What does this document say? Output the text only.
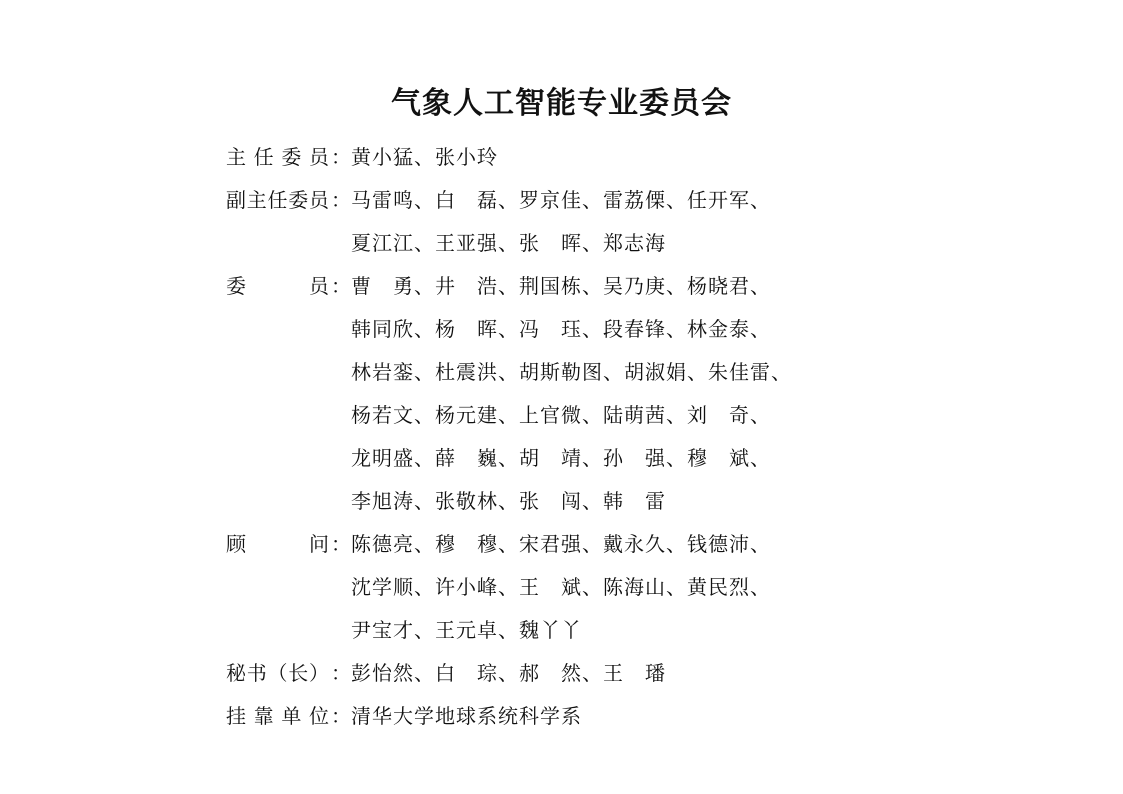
气象人工智能专业委员会
主 任 委 员 ： 黄小猛、张小玲
副主任委员 ： 马雷鸣、白　磊、罗京佳、雷荔傈、任开军、
夏江江、王亚强、张　晖、郑志海
委　　　员 ： 曹　勇、井　浩、荆国栋、吴乃庚、杨晓君、
韩同欣、杨　晖、冯　珏、段春锋、林金泰、
林岩銮、杜震洪、胡斯勒图、胡淑娟、朱佳雷、
杨若文、杨元建、上官微、陆萌茜、刘　奇、
龙明盛、薛　巍、胡　靖、孙　强、穆　斌、
李旭涛、张敬林、张　闯、韩　雷
顾　　　问 ： 陈德亮、穆　穆、宋君强、戴永久、钱德沛、
沈学顺、许小峰、王　斌、陈海山、黄民烈、
尹宝才、王元卓、魏丫丫
秘书（长） ： 彭怡然、白　琮、郝　然、王　璠
挂 靠 单 位 ： 清华大学地球系统科学系
